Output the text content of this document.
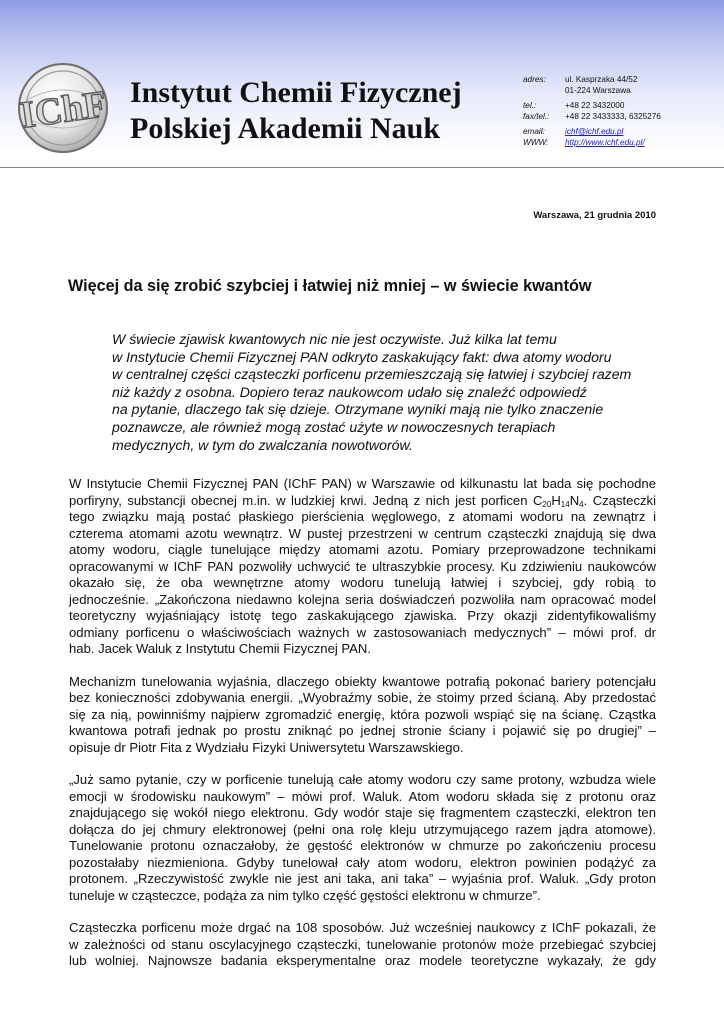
IChF Instytut Chemii Fizycznej
Polskiej Akademii Nauk
adres:	ul. Kasprzaka 44/52
01-224 Warszawa
tel.:	+48 22 3432000
fax/tel.:	+48 22 3433333, 6325276
email:	ichf@ichf.edu.pl
WWW:	http://www.ichf.edu.pl/
Warszawa, 21 grudnia 2010
Więcej da się zrobić szybciej i łatwiej niż mniej – w świecie kwantów
W świecie zjawisk kwantowych nic nie jest oczywiste. Już kilka lat temu
w Instytucie Chemii Fizycznej PAN odkryto zaskakujący fakt: dwa atomy wodoru
w centralnej części cząsteczki porficenu przemieszczają się łatwiej i szybciej razem
niż każdy z osobna. Dopiero teraz naukowcom udało się znaleźć odpowiedź
na pytanie, dlaczego tak się dzieje. Otrzymane wyniki mają nie tylko znaczenie
poznawcze, ale również mogą zostać użyte w nowoczesnych terapiach
medycznych, w tym do zwalczania nowotworów.
W Instytucie Chemii Fizycznej PAN (IChF PAN) w Warszawie od kilkunastu lat bada się pochodne
porfiryny, substancji obecnej m.in. w ludzkiej krwi. Jedną z nich jest porficen $C_{20}H_{14}N_4$. Cząsteczki
tego związku mają postać płaskiego pierścienia węglowego, z atomami wodoru na zewnątrz i
czterema atomami azotu wewnątrz. W pustej przestrzeni w centrum cząsteczki znajdują się dwa
atomy wodoru, ciągle tunelujące między atomami azotu. Pomiary przeprowadzone technikami
opracowanymi w IChF PAN pozwoliły uchwycić te ultraszybkie procesy. Ku zdziwieniu naukowców
okazało się, że oba wewnętrzne atomy wodoru tunelują łatwiej i szybciej, gdy robią to
jednocześnie. „Zakończona niedawno kolejna seria doświadczeń pozwoliła nam opracować model
teoretyczny wyjaśniający istotę tego zaskakującego zjawiska. Przy okazji zidentyfikowaliśmy
odmiany porficenu o właściwościach ważnych w zastosowaniach medycznych” – mówi prof. dr
hab. Jacek Waluk z Instytutu Chemii Fizycznej PAN.
Mechanizm tunelowania wyjaśnia, dlaczego obiekty kwantowe potrafią pokonać bariery potencjału
bez konieczności zdobywania energii. „Wyobraźmy sobie, że stoimy przed ścianą. Aby przedostać
się za nią, powinniśmy najpierw zgromadzić energię, która pozwoli wspiąć się na ścianę. Cząstka
kwantowa potrafi jednak po prostu zniknąć po jednej stronie ściany i pojawić się po drugiej” –
opisuje dr Piotr Fita z Wydziału Fizyki Uniwersytetu Warszawskiego.
„Już samo pytanie, czy w porficenie tunelują całe atomy wodoru czy same protony, wzbudza wiele
emocji w środowisku naukowym” – mówi prof. Waluk. Atom wodoru składa się z protonu oraz
znajdującego się wokół niego elektronu. Gdy wodór staje się fragmentem cząsteczki, elektron ten
dołącza do jej chmury elektronowej (pełni ona rolę kleju utrzymującego razem jądra atomowe).
Tunelowanie protonu oznaczałoby, że gęstość elektronów w chmurze po zakończeniu procesu
pozostałaby niezmieniona. Gdyby tunelował cały atom wodoru, elektron powinien podążyć za
protonem. „Rzeczywistość zwykle nie jest ani taka, ani taka” – wyjaśnia prof. Waluk. „Gdy proton
tuneluje w cząsteczce, podąża za nim tylko część gęstości elektronu w chmurze”.
Cząsteczka porficenu może drgać na 108 sposobów. Już wcześniej naukowcy z IChF pokazali, że
w zależności od stanu oscylacyjnego cząsteczki, tunelowanie protonów może przebiegać szybciej
lub wolniej. Najnowsze badania eksperymentalne oraz modele teoretyczne wykazały, że gdy
